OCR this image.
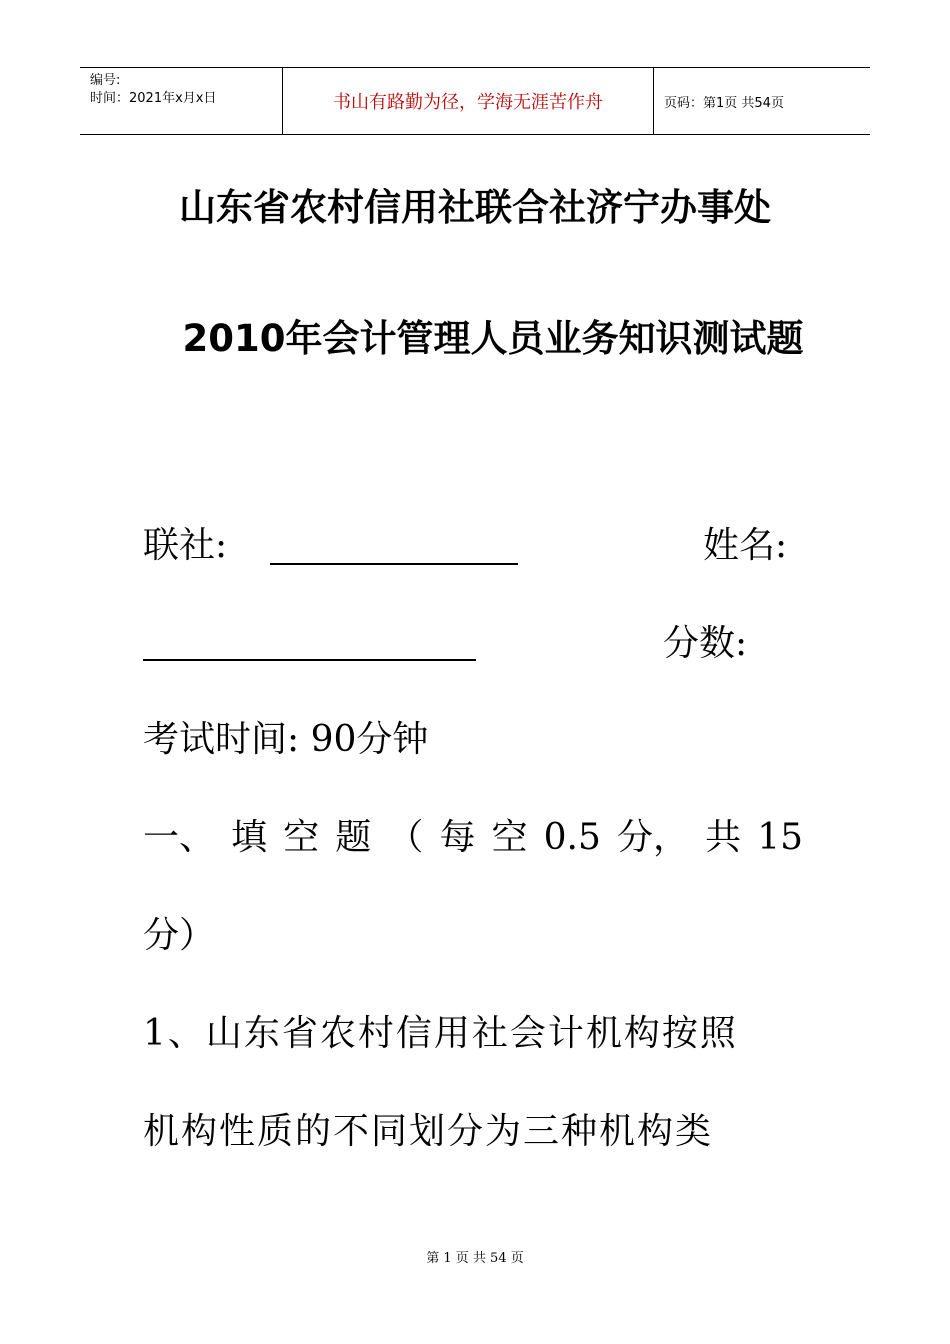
编号:
时间：2021年x月x日	书山有路勤为径，学海无涯苦作舟	页码：第1页 共54页
山东省农村信用社联合社济宁办事处
2010年会计管理人员业务知识测试题
联社:	姓名:
分数:
考试时间: 90分钟
一、 填 空 题 （ 每 空 0.5 分， 共 15
分）
1、山东省农村信用社会计机构按照
机构性质的不同划分为三种机构类
第 1 页 共 54 页
